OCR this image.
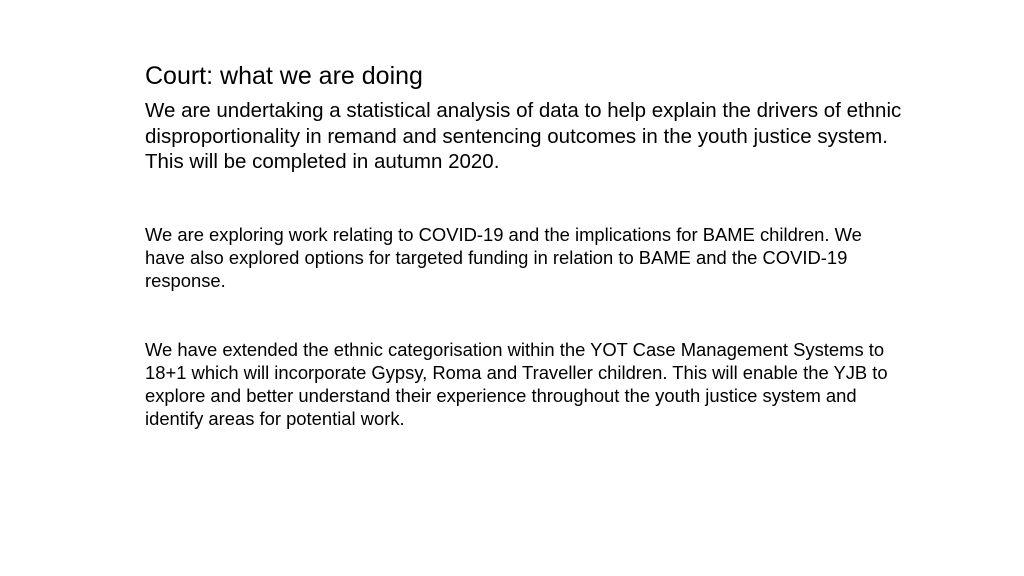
Court: what we are doing

We are undertaking a statistical analysis of data to help explain the drivers of ethnic disproportionality in remand and sentencing outcomes in the youth justice system. This will be completed in autumn 2020.

We are exploring work relating to COVID-19 and the implications for BAME children. We have also explored options for targeted funding in relation to BAME and the COVID-19 response.

We have extended the ethnic categorisation within the YOT Case Management Systems to 18+1 which will incorporate Gypsy, Roma and Traveller children. This will enable the YJB to explore and better understand their experience throughout the youth justice system and identify areas for potential work.
